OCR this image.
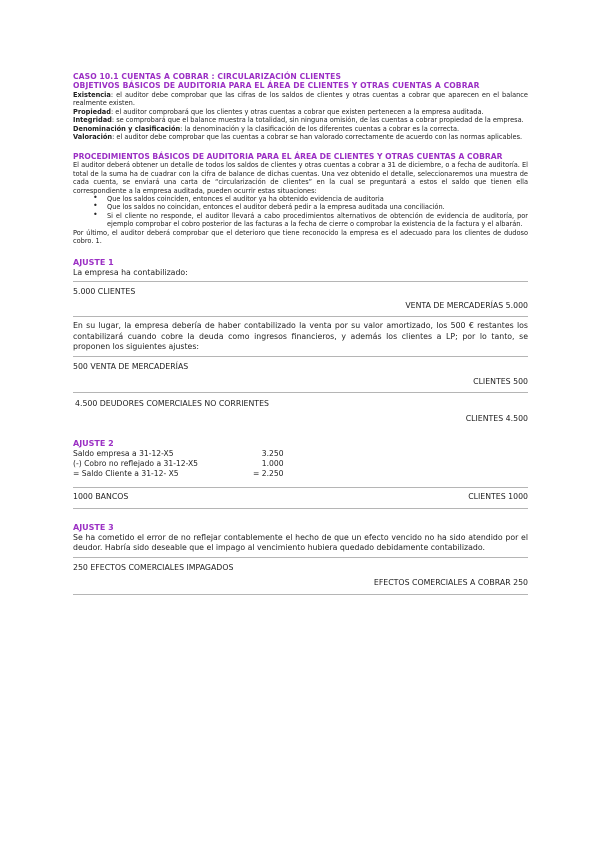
CASO 10.1 CUENTAS A COBRAR : CIRCULARIZACIÓN CLIENTES
OBJETIVOS BÁSICOS DE AUDITORIA PARA EL ÁREA DE CLIENTES Y OTRAS CUENTAS A COBRAR
Existencia: el auditor debe comprobar que las cifras de los saldos de clientes y otras cuentas a cobrar que aparecen en el balance realmente existen.
Propiedad: el auditor comprobará que los clientes y otras cuentas a cobrar que existen pertenecen a la empresa auditada.
Integridad: se comprobará que el balance muestra la totalidad, sin ninguna omisión, de las cuentas a cobrar propiedad de la empresa.
Denominación y clasificación: la denominación y la clasificación de los diferentes cuentas a cobrar es la correcta.
Valoración: el auditor debe comprobar que las cuentas a cobrar se han valorado correctamente de acuerdo con las normas aplicables.
PROCEDIMIENTOS BÁSICOS DE AUDITORIA PARA EL ÁREA DE CLIENTES Y OTRAS CUENTAS A COBRAR
El auditor deberá obtener un detalle de todos los saldos de clientes y otras cuentas a cobrar a 31 de diciembre, o a fecha de auditoría. El total de la suma ha de cuadrar con la cifra de balance de dichas cuentas. Una vez obtenido el detalle, seleccionaremos una muestra de cada cuenta, se enviará una carta de “circularización de clientes” en la cual se preguntará a estos el saldo que tienen ella correspondiente a la empresa auditada, pueden ocurrir estas situaciones:
• Que los saldos coinciden, entonces el auditor ya ha obtenido evidencia de auditoria
• Que los saldos no coincidan, entonces el auditor deberá pedir a la empresa auditada una conciliación.
• Si el cliente no responde, el auditor llevará a cabo procedimientos alternativos de obtención de evidencia de auditoría, por ejemplo comprobar el cobro posterior de las facturas a la fecha de cierre o comprobar la existencia de la factura y el albarán.
Por último, el auditor deberá comprobar que el deterioro que tiene reconocido la empresa es el adecuado para los clientes de dudoso cobro. 1.
AJUSTE 1
La empresa ha contabilizado:
5.000 CLIENTES
VENTA DE MERCADERÍAS 5.000
En su lugar, la empresa debería de haber contabilizado la venta por su valor amortizado, los 500 € restantes los contabilizará cuando cobre la deuda como ingresos financieros, y además los clientes a LP; por lo tanto, se proponen los siguientes ajustes:
500 VENTA DE MERCADERÍAS
CLIENTES 500
4.500 DEUDORES COMERCIALES NO CORRIENTES
CLIENTES 4.500
AJUSTE 2
Saldo empresa a 31-12-X5	3.250
(-) Cobro no reflejado a 31-12-X5	1.000
= Saldo Cliente a 31-12- X5	= 2.250
1000 BANCOS	CLIENTES 1000
AJUSTE 3
Se ha cometido el error de no reflejar contablemente el hecho de que un efecto vencido no ha sido atendido por el deudor. Habría sido deseable que el impago al vencimiento hubiera quedado debidamente contabilizado.
250 EFECTOS COMERCIALES IMPAGADOS
EFECTOS COMERCIALES A COBRAR 250
